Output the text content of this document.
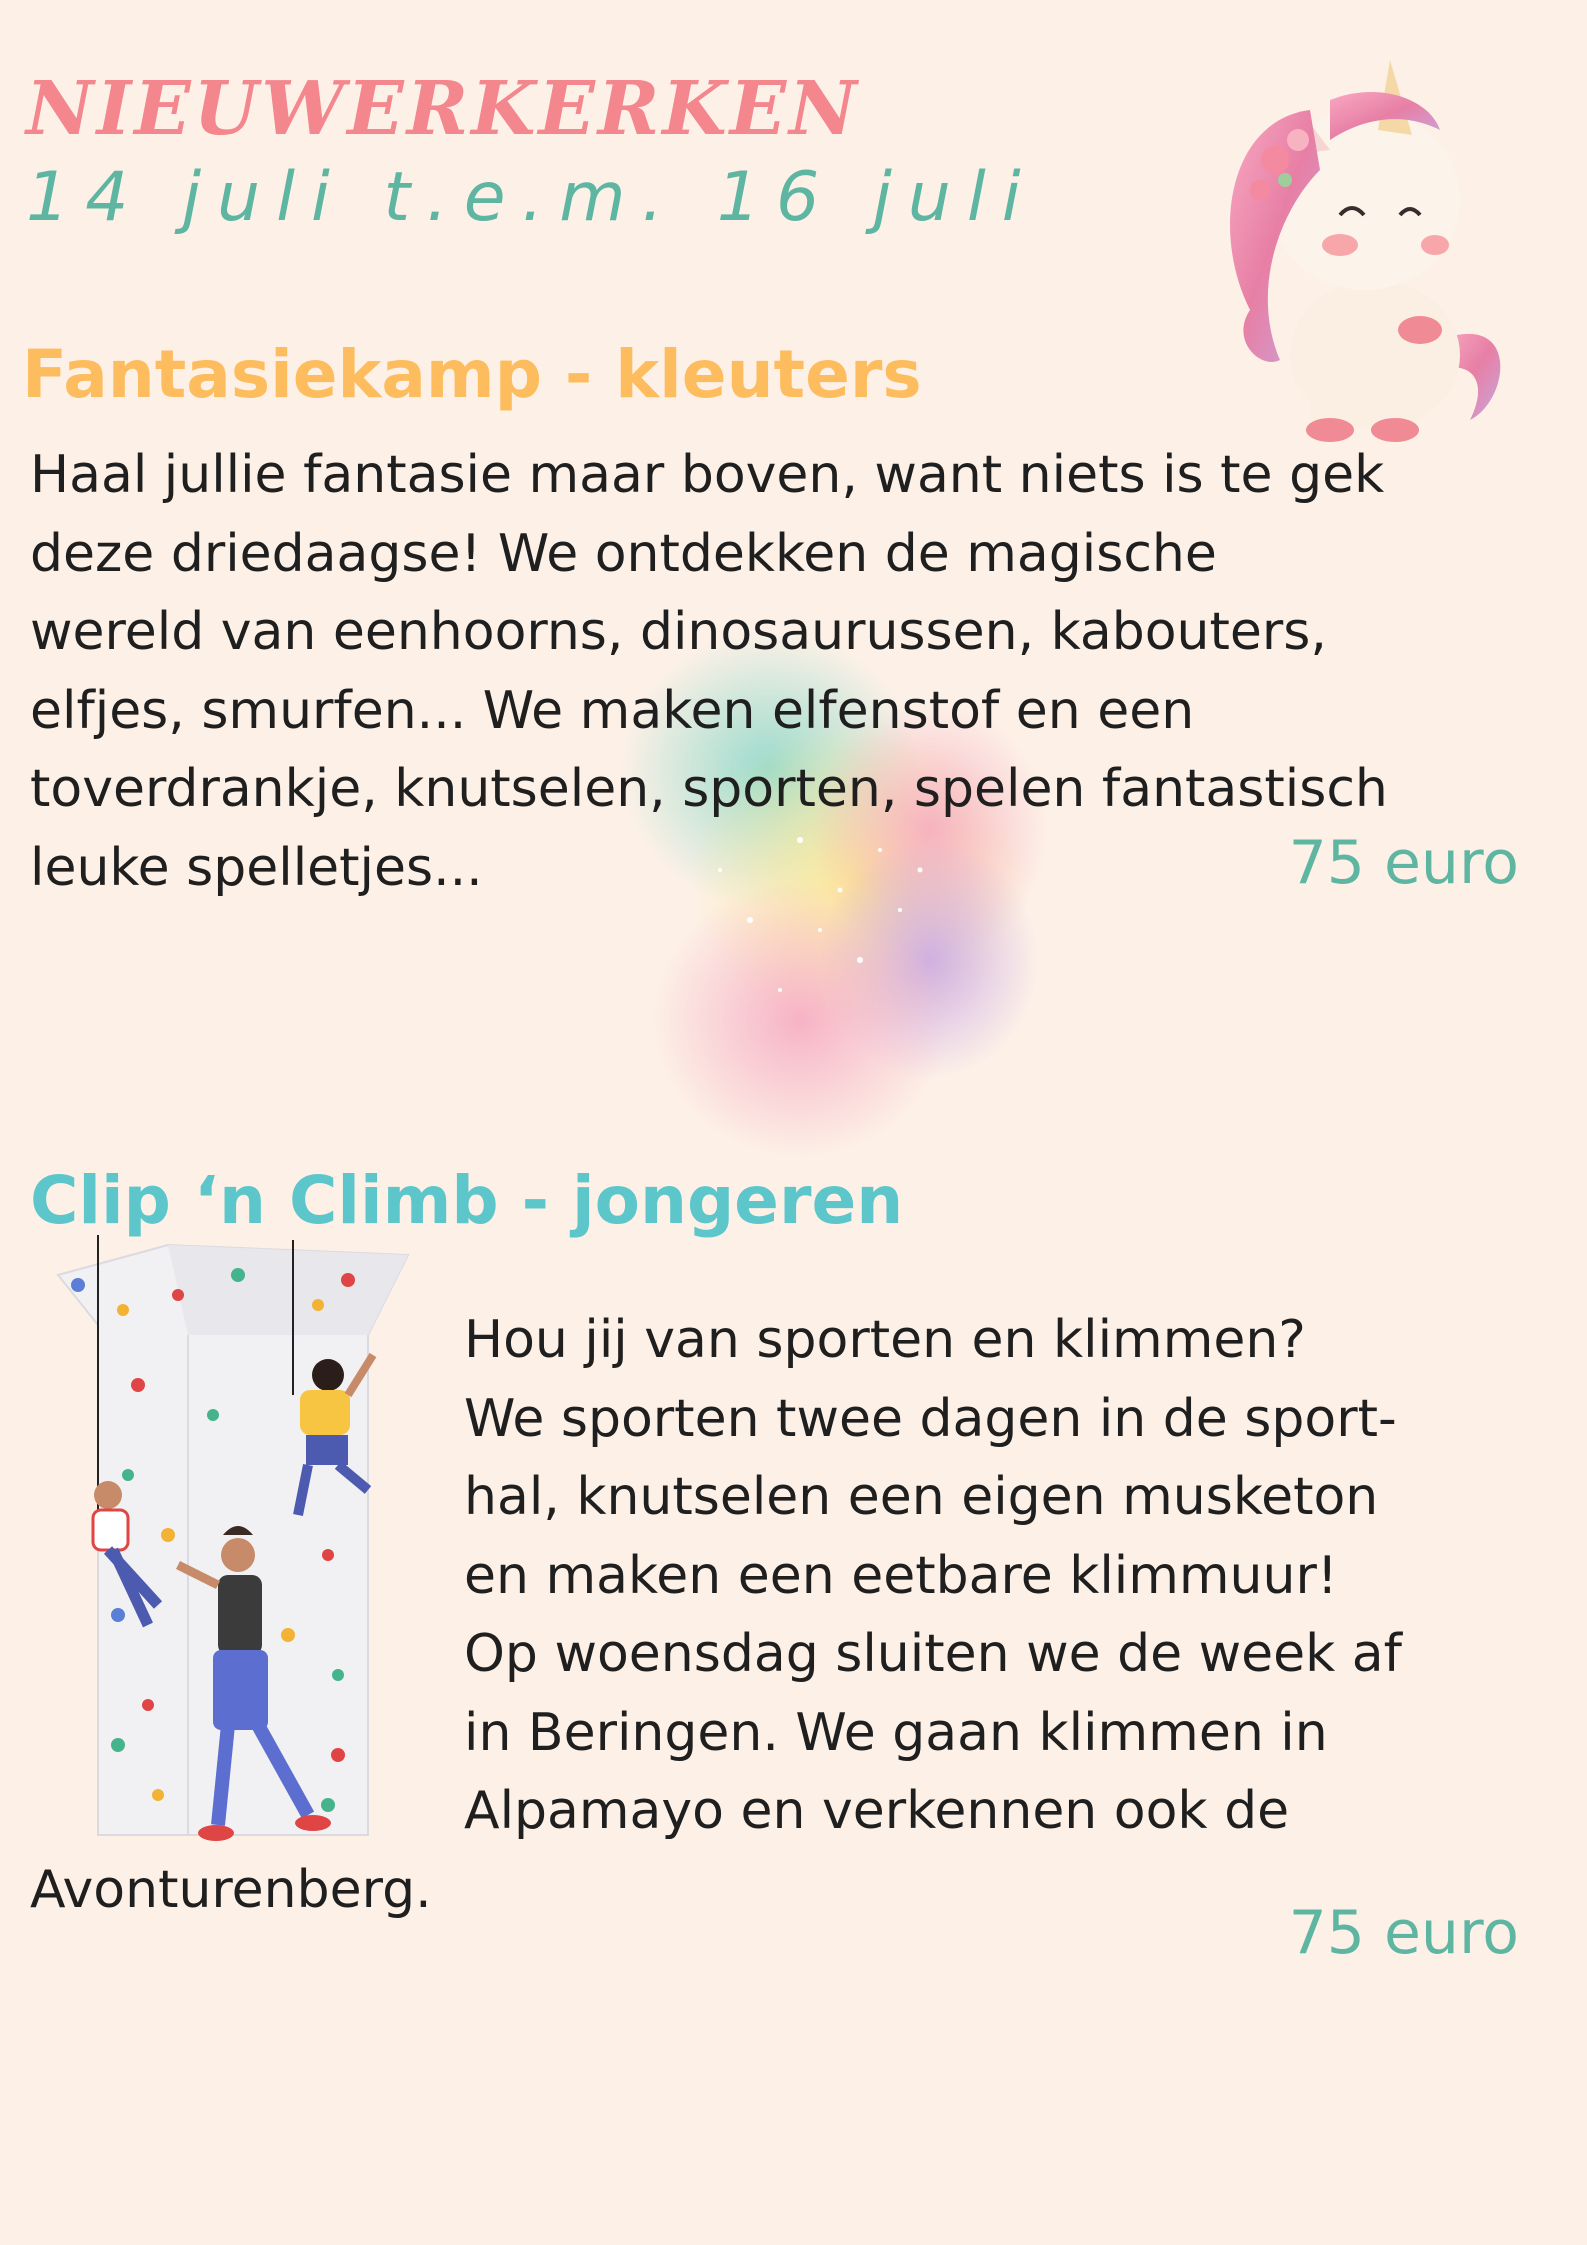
NIEUWERKERKEN
14 juli t.e.m. 16 juli
Fantasiekamp - kleuters
Haal jullie fantasie maar boven, want niets is te gek
deze driedaagse! We ontdekken de magische
wereld van eenhoorns, dinosaurussen, kabouters,
elfjes, smurfen... We maken elfenstof en een
toverdrankje, knutselen, sporten, spelen fantastisch
leuke spelletjes...	75 euro
Clip ‘n Climb - jongeren
Hou jij van sporten en klimmen?
We sporten twee dagen in de sport-
hal, knutselen een eigen musketon
en maken een eetbare klimmuur!
Op woensdag sluiten we de week af
in Beringen. We gaan klimmen in
Alpamayo en verkennen ook de
Avonturenberg.
75 euro
